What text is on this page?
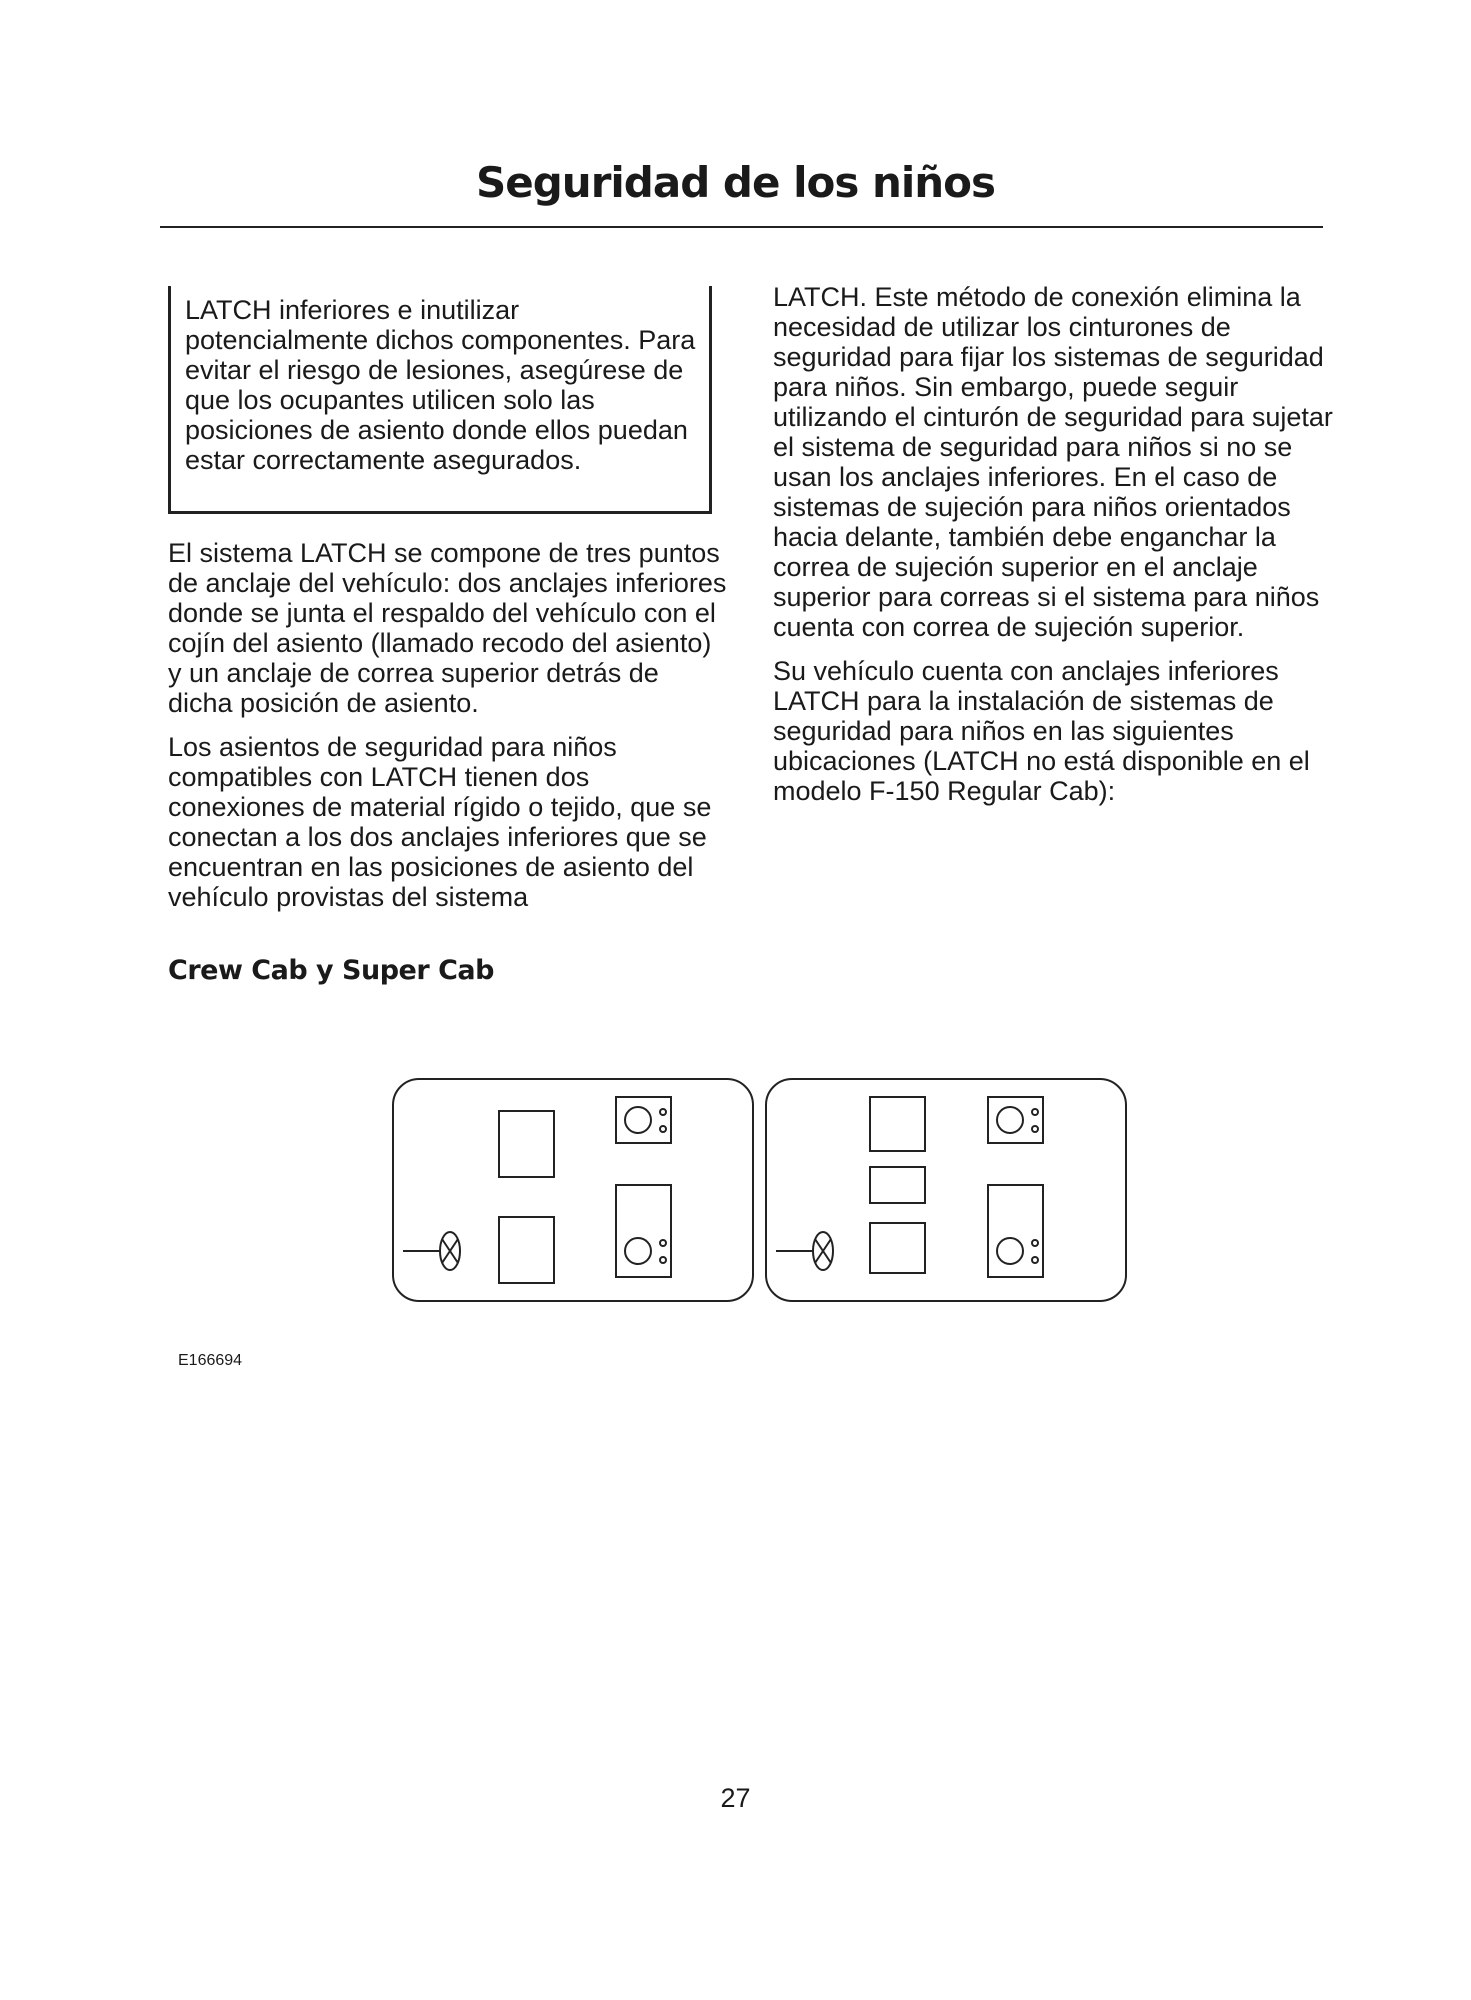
Seguridad de los niños
LATCH inferiores e inutilizar potencialmente dichos componentes. Para evitar el riesgo de lesiones, asegúrese de que los ocupantes utilicen solo las posiciones de asiento donde ellos puedan estar correctamente asegurados.

El sistema LATCH se compone de tres puntos de anclaje del vehículo: dos anclajes inferiores donde se junta el respaldo del vehículo con el cojín del asiento (llamado recodo del asiento) y un anclaje de correa superior detrás de dicha posición de asiento.

Los asientos de seguridad para niños compatibles con LATCH tienen dos conexiones de material rígido o tejido, que se conectan a los dos anclajes inferiores que se encuentran en las posiciones de asiento del vehículo provistas del sistema

LATCH. Este método de conexión elimina la necesidad de utilizar los cinturones de seguridad para fijar los sistemas de seguridad para niños. Sin embargo, puede seguir utilizando el cinturón de seguridad para sujetar el sistema de seguridad para niños si no se usan los anclajes inferiores. En el caso de sistemas de sujeción para niños orientados hacia delante, también debe enganchar la correa de sujeción superior en el anclaje superior para correas si el sistema para niños cuenta con correa de sujeción superior.

Su vehículo cuenta con anclajes inferiores LATCH para la instalación de sistemas de seguridad para niños en las siguientes ubicaciones (LATCH no está disponible en el modelo F-150 Regular Cab):

Crew Cab y Super Cab
E166694
27
